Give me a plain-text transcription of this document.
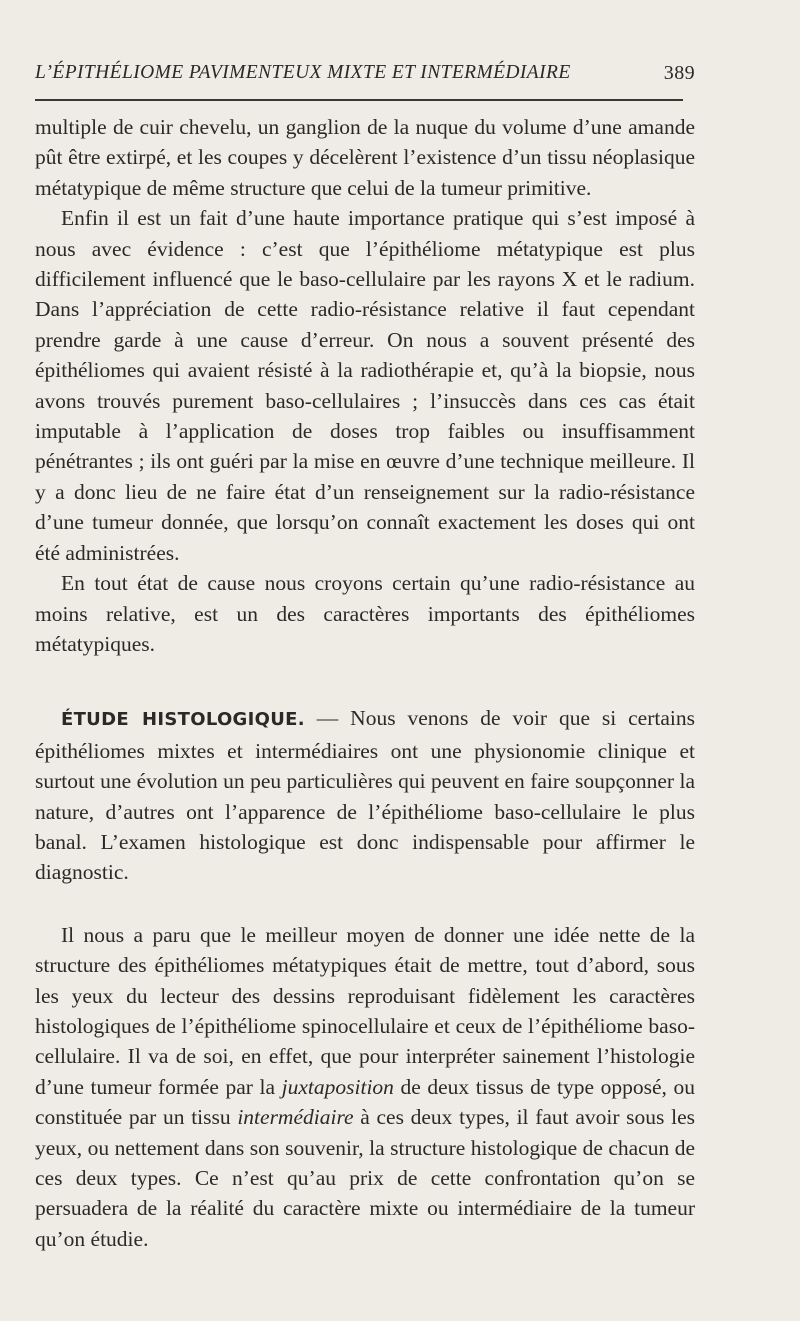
L’ÉPITHÉLIOME PAVIMENTEUX MIXTE ET INTERMÉDIAIRE	389

multiple de cuir chevelu, un ganglion de la nuque du volume d’une amande pût être extirpé, et les coupes y décelèrent l’existence d’un tissu néoplasique métatypique de même structure que celui de la tumeur primitive.

Enfin il est un fait d’une haute importance pratique qui s’est imposé à nous avec évidence : c’est que l’épithéliome métatypique est plus difficilement influencé que le baso-cellulaire par les rayons X et le radium. Dans l’appréciation de cette radio-résistance relative il faut cependant prendre garde à une cause d’erreur. On nous a souvent présenté des épithéliomes qui avaient résisté à la radiothérapie et, qu’à la biopsie, nous avons trouvés purement baso-cellulaires ; l’insuccès dans ces cas était imputable à l’application de doses trop faibles ou insuffisamment pénétrantes ; ils ont guéri par la mise en œuvre d’une technique meilleure. Il y a donc lieu de ne faire état d’un renseignement sur la radio-résistance d’une tumeur donnée, que lorsqu’on connaît exactement les doses qui ont été administrées.

En tout état de cause nous croyons certain qu’une radio-résistance au moins relative, est un des caractères importants des épithéliomes métatypiques.

ÉTUDE HISTOLOGIQUE. — Nous venons de voir que si certains épithéliomes mixtes et intermédiaires ont une physionomie clinique et surtout une évolution un peu particulières qui peuvent en faire soupçonner la nature, d’autres ont l’apparence de l’épithéliome baso-cellulaire le plus banal. L’examen histologique est donc indispensable pour affirmer le diagnostic.

Il nous a paru que le meilleur moyen de donner une idée nette de la structure des épithéliomes métatypiques était de mettre, tout d’abord, sous les yeux du lecteur des dessins reproduisant fidèlement les caractères histologiques de l’épithéliome spinocellulaire et ceux de l’épithéliome baso-cellulaire. Il va de soi, en effet, que pour interpréter sainement l’histologie d’une tumeur formée par la juxtaposition de deux tissus de type opposé, ou constituée par un tissu intermédiaire à ces deux types, il faut avoir sous les yeux, ou nettement dans son souvenir, la structure histologique de chacun de ces deux types. Ce n’est qu’au prix de cette confrontation qu’on se persuadera de la réalité du caractère mixte ou intermédiaire de la tumeur qu’on étudie.
